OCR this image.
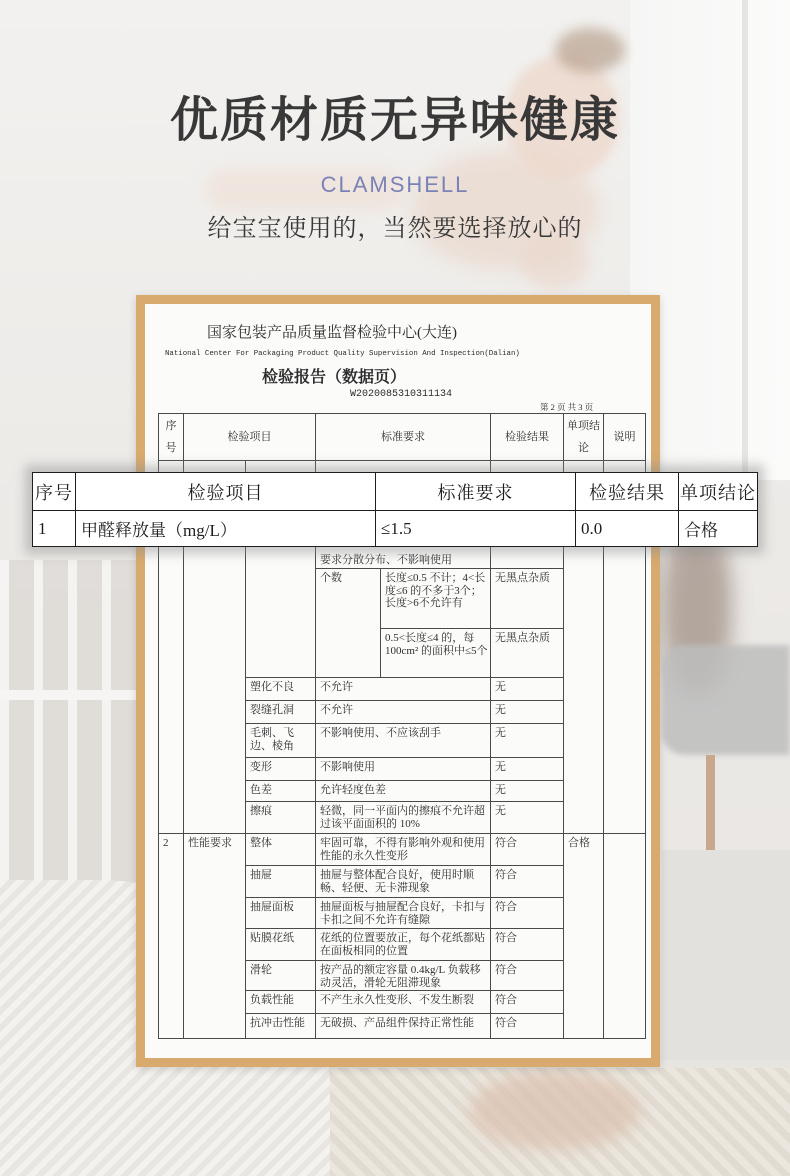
优质材质无异味健康
CLAMSHELL
给宝宝使用的，当然要选择放心的
国家包装产品质量监督检验中心(大连)
National Center For Packaging Product Quality Supervision And Inspection(Dalian)
检验报告（数据页）
W2020085310311134
第 2 页 共 3 页
序号	检验项目		标准要求		检验结果	单项结论	说明
			要求分散分布、不影响使用				
			个数	长度≤0.5 不计；4<长度≤6 的不多于3个；长度>6不允许有	无黑点杂质		
				0.5<长度≤4 的，每 100cm² 的面积中≤5个	无黑点杂质		
		塑化不良	不允许		无		
		裂缝孔洞	不允许		无		
		毛刺、飞边、棱角	不影响使用、不应该刮手		无		
		变形	不影响使用		无		
		色差	允许轻度色差		无		
		擦痕	轻微，同一平面内的擦痕不允许超过该平面面积的 10%		无		
2	性能要求	整体	牢固可靠，不得有影响外观和使用性能的永久性变形		符合	合格	
		抽屉	抽屉与整体配合良好，使用时顺畅、轻便、无卡滞现象		符合		
		抽屉面板	抽屉面板与抽屉配合良好，卡扣与卡扣之间不允许有缝隙		符合		
		贴膜花纸	花纸的位置要放正，每个花纸都贴在面板相同的位置		符合		
		滑轮	按产品的额定容量 0.4kg/L 负载移动灵活，滑轮无阻滞现象		符合		
		负载性能	不产生永久性变形、不发生断裂		符合		
		抗冲击性能	无破损、产品组件保持正常性能		符合		
序号	检验项目	标准要求	检验结果	单项结论
1	甲醛释放量（mg/L）	≤1.5	0.0	合格
